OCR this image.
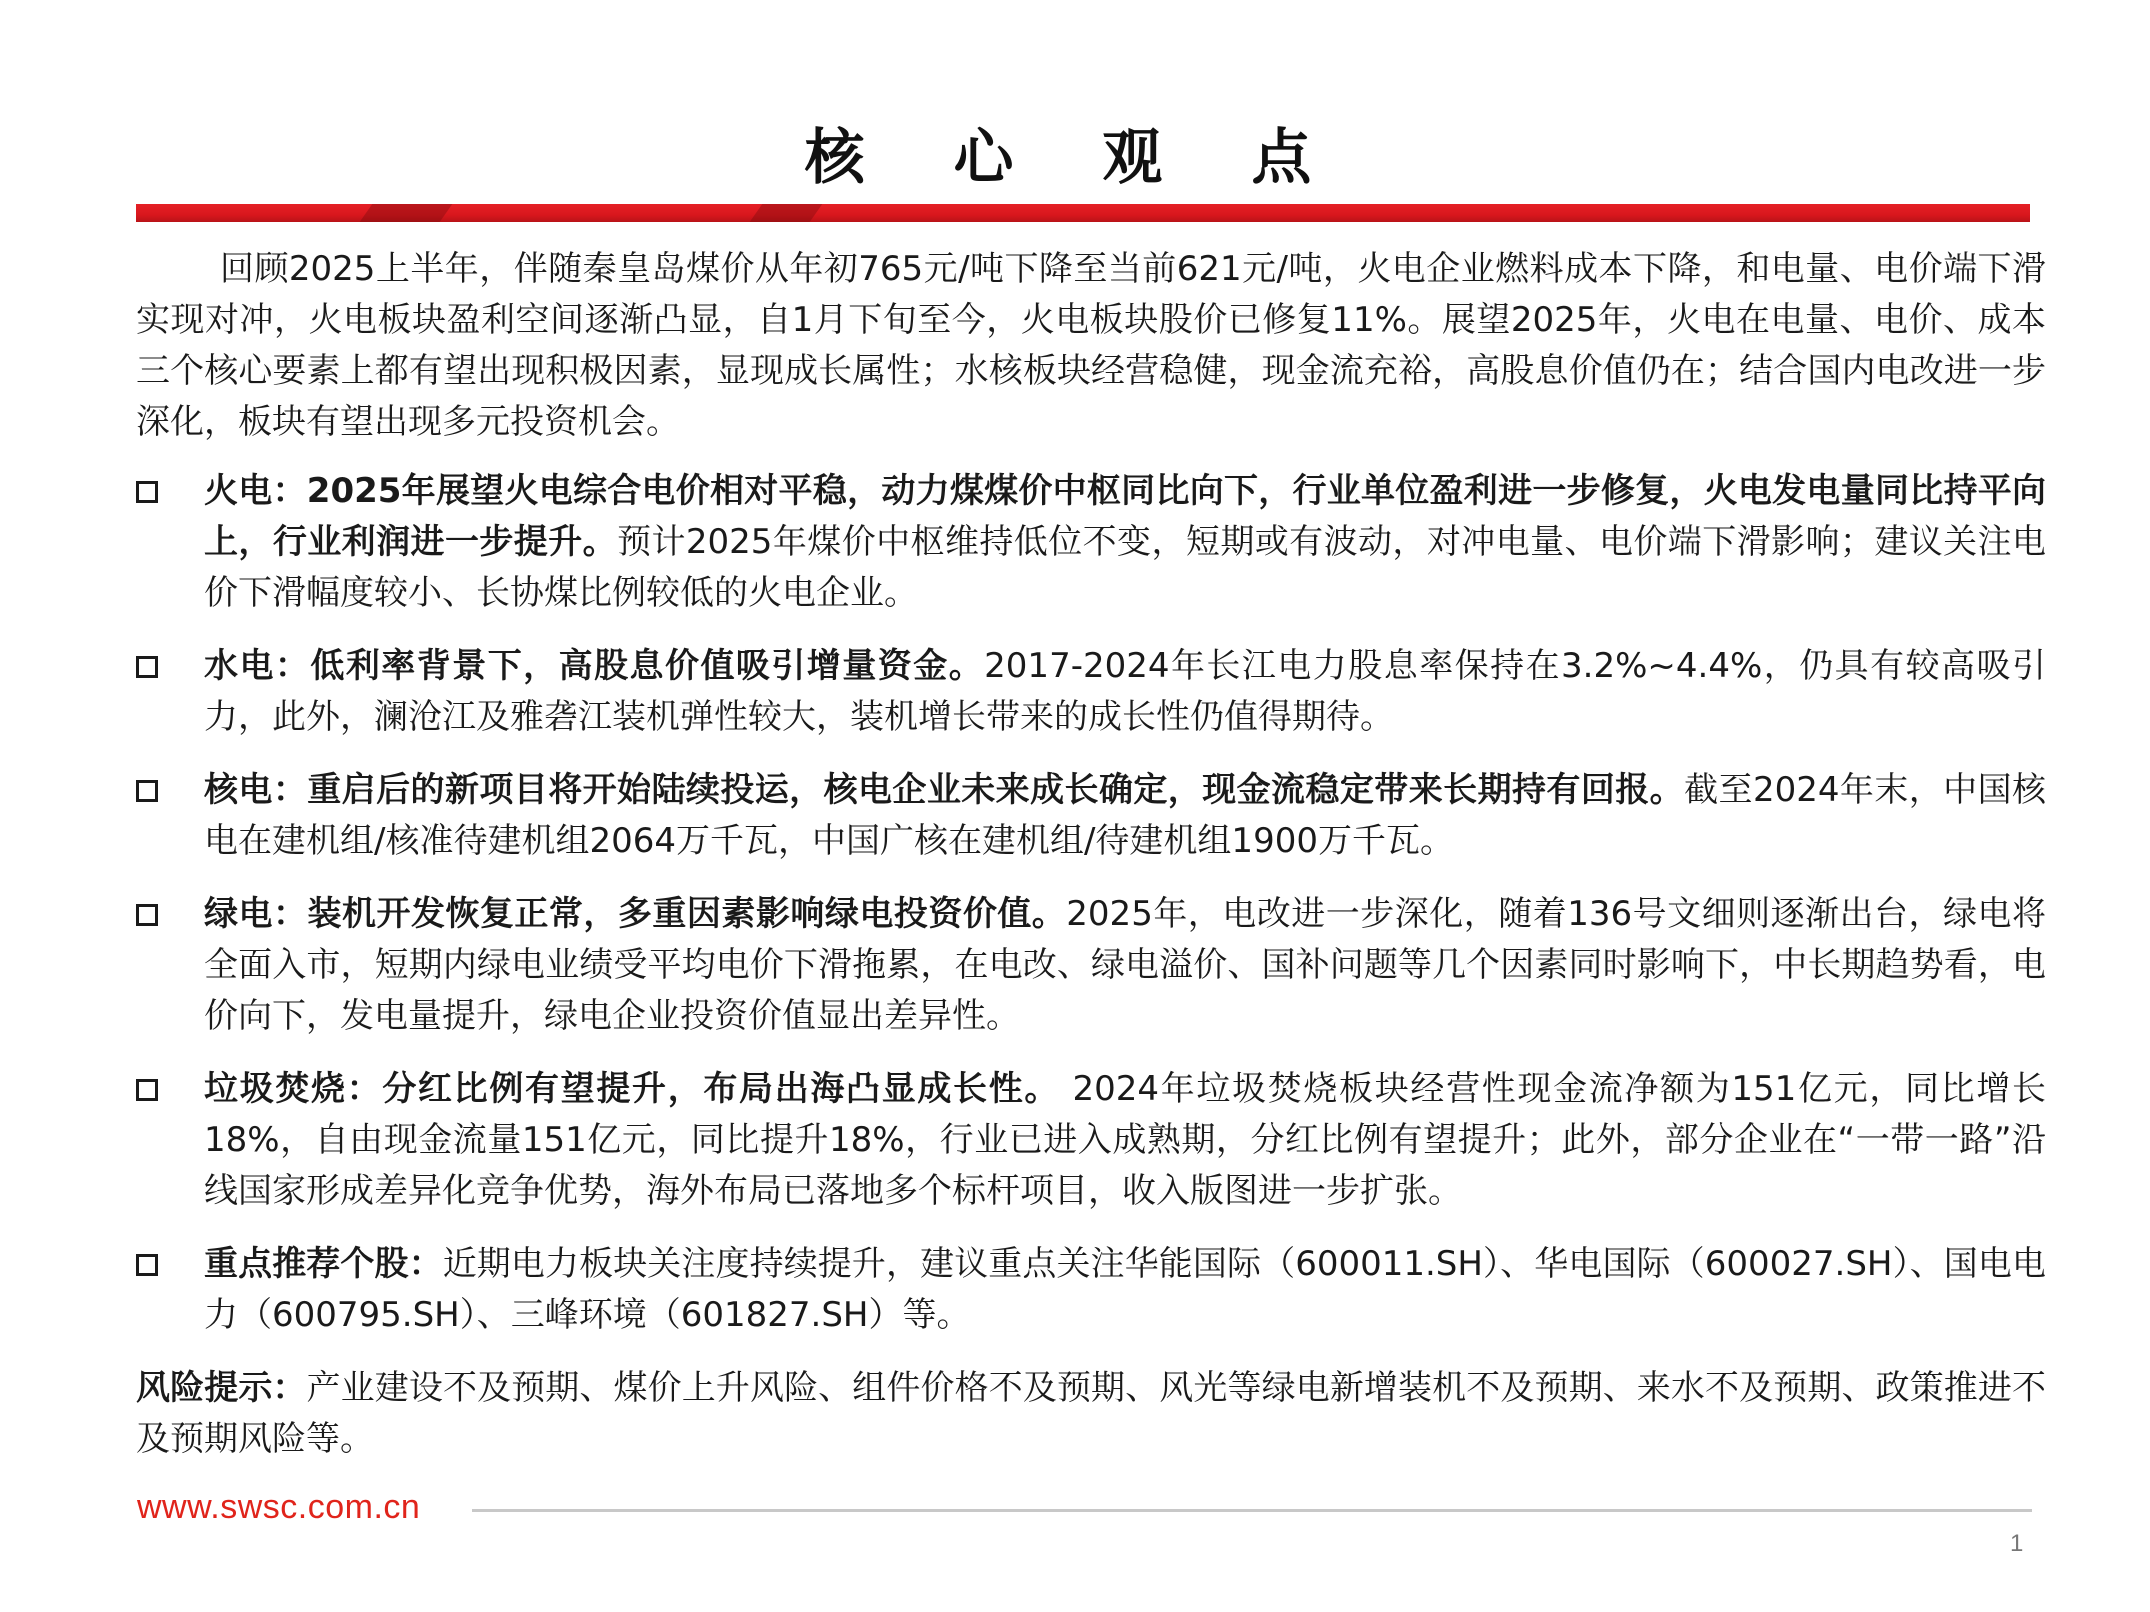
核 心 观 点

回顾2025上半年，伴随秦皇岛煤价从年初765元/吨下降至当前621元/吨，火电企业燃料成本下降，和电量、电价端下滑实现对冲，火电板块盈利空间逐渐凸显，自1月下旬至今，火电板块股价已修复11%。展望2025年，火电在电量、电价、成本三个核心要素上都有望出现积极因素，显现成长属性；水核板块经营稳健，现金流充裕，高股息价值仍在；结合国内电改进一步深化，板块有望出现多元投资机会。

火电：2025年展望火电综合电价相对平稳，动力煤煤价中枢同比向下，行业单位盈利进一步修复，火电发电量同比持平向上，行业利润进一步提升。预计2025年煤价中枢维持低位不变，短期或有波动，对冲电量、电价端下滑影响；建议关注电价下滑幅度较小、长协煤比例较低的火电企业。
水电：低利率背景下，高股息价值吸引增量资金。2017-2024年长江电力股息率保持在3.2%~4.4%，仍具有较高吸引力，此外，澜沧江及雅砻江装机弹性较大，装机增长带来的成长性仍值得期待。
核电：重启后的新项目将开始陆续投运，核电企业未来成长确定，现金流稳定带来长期持有回报。截至2024年末，中国核电在建机组/核准待建机组2064万千瓦，中国广核在建机组/待建机组1900万千瓦。
绿电：装机开发恢复正常，多重因素影响绿电投资价值。2025年，电改进一步深化，随着136号文细则逐渐出台，绿电将全面入市，短期内绿电业绩受平均电价下滑拖累，在电改、绿电溢价、国补问题等几个因素同时影响下，中长期趋势看，电价向下，发电量提升，绿电企业投资价值显出差异性。
垃圾焚烧：分红比例有望提升，布局出海凸显成长性。 2024年垃圾焚烧板块经营性现金流净额为151亿元，同比增长18%，自由现金流量151亿元，同比提升18%，行业已进入成熟期，分红比例有望提升；此外，部分企业在“一带一路”沿线国家形成差异化竞争优势，海外布局已落地多个标杆项目，收入版图进一步扩张。
重点推荐个股：近期电力板块关注度持续提升，建议重点关注华能国际（600011.SH）、华电国际（600027.SH）、国电电力（600795.SH）、三峰环境（601827.SH）等。

风险提示：产业建设不及预期、煤价上升风险、组件价格不及预期、风光等绿电新增装机不及预期、来水不及预期、政策推进不及预期风险等。

www.swsc.com.cn
1
